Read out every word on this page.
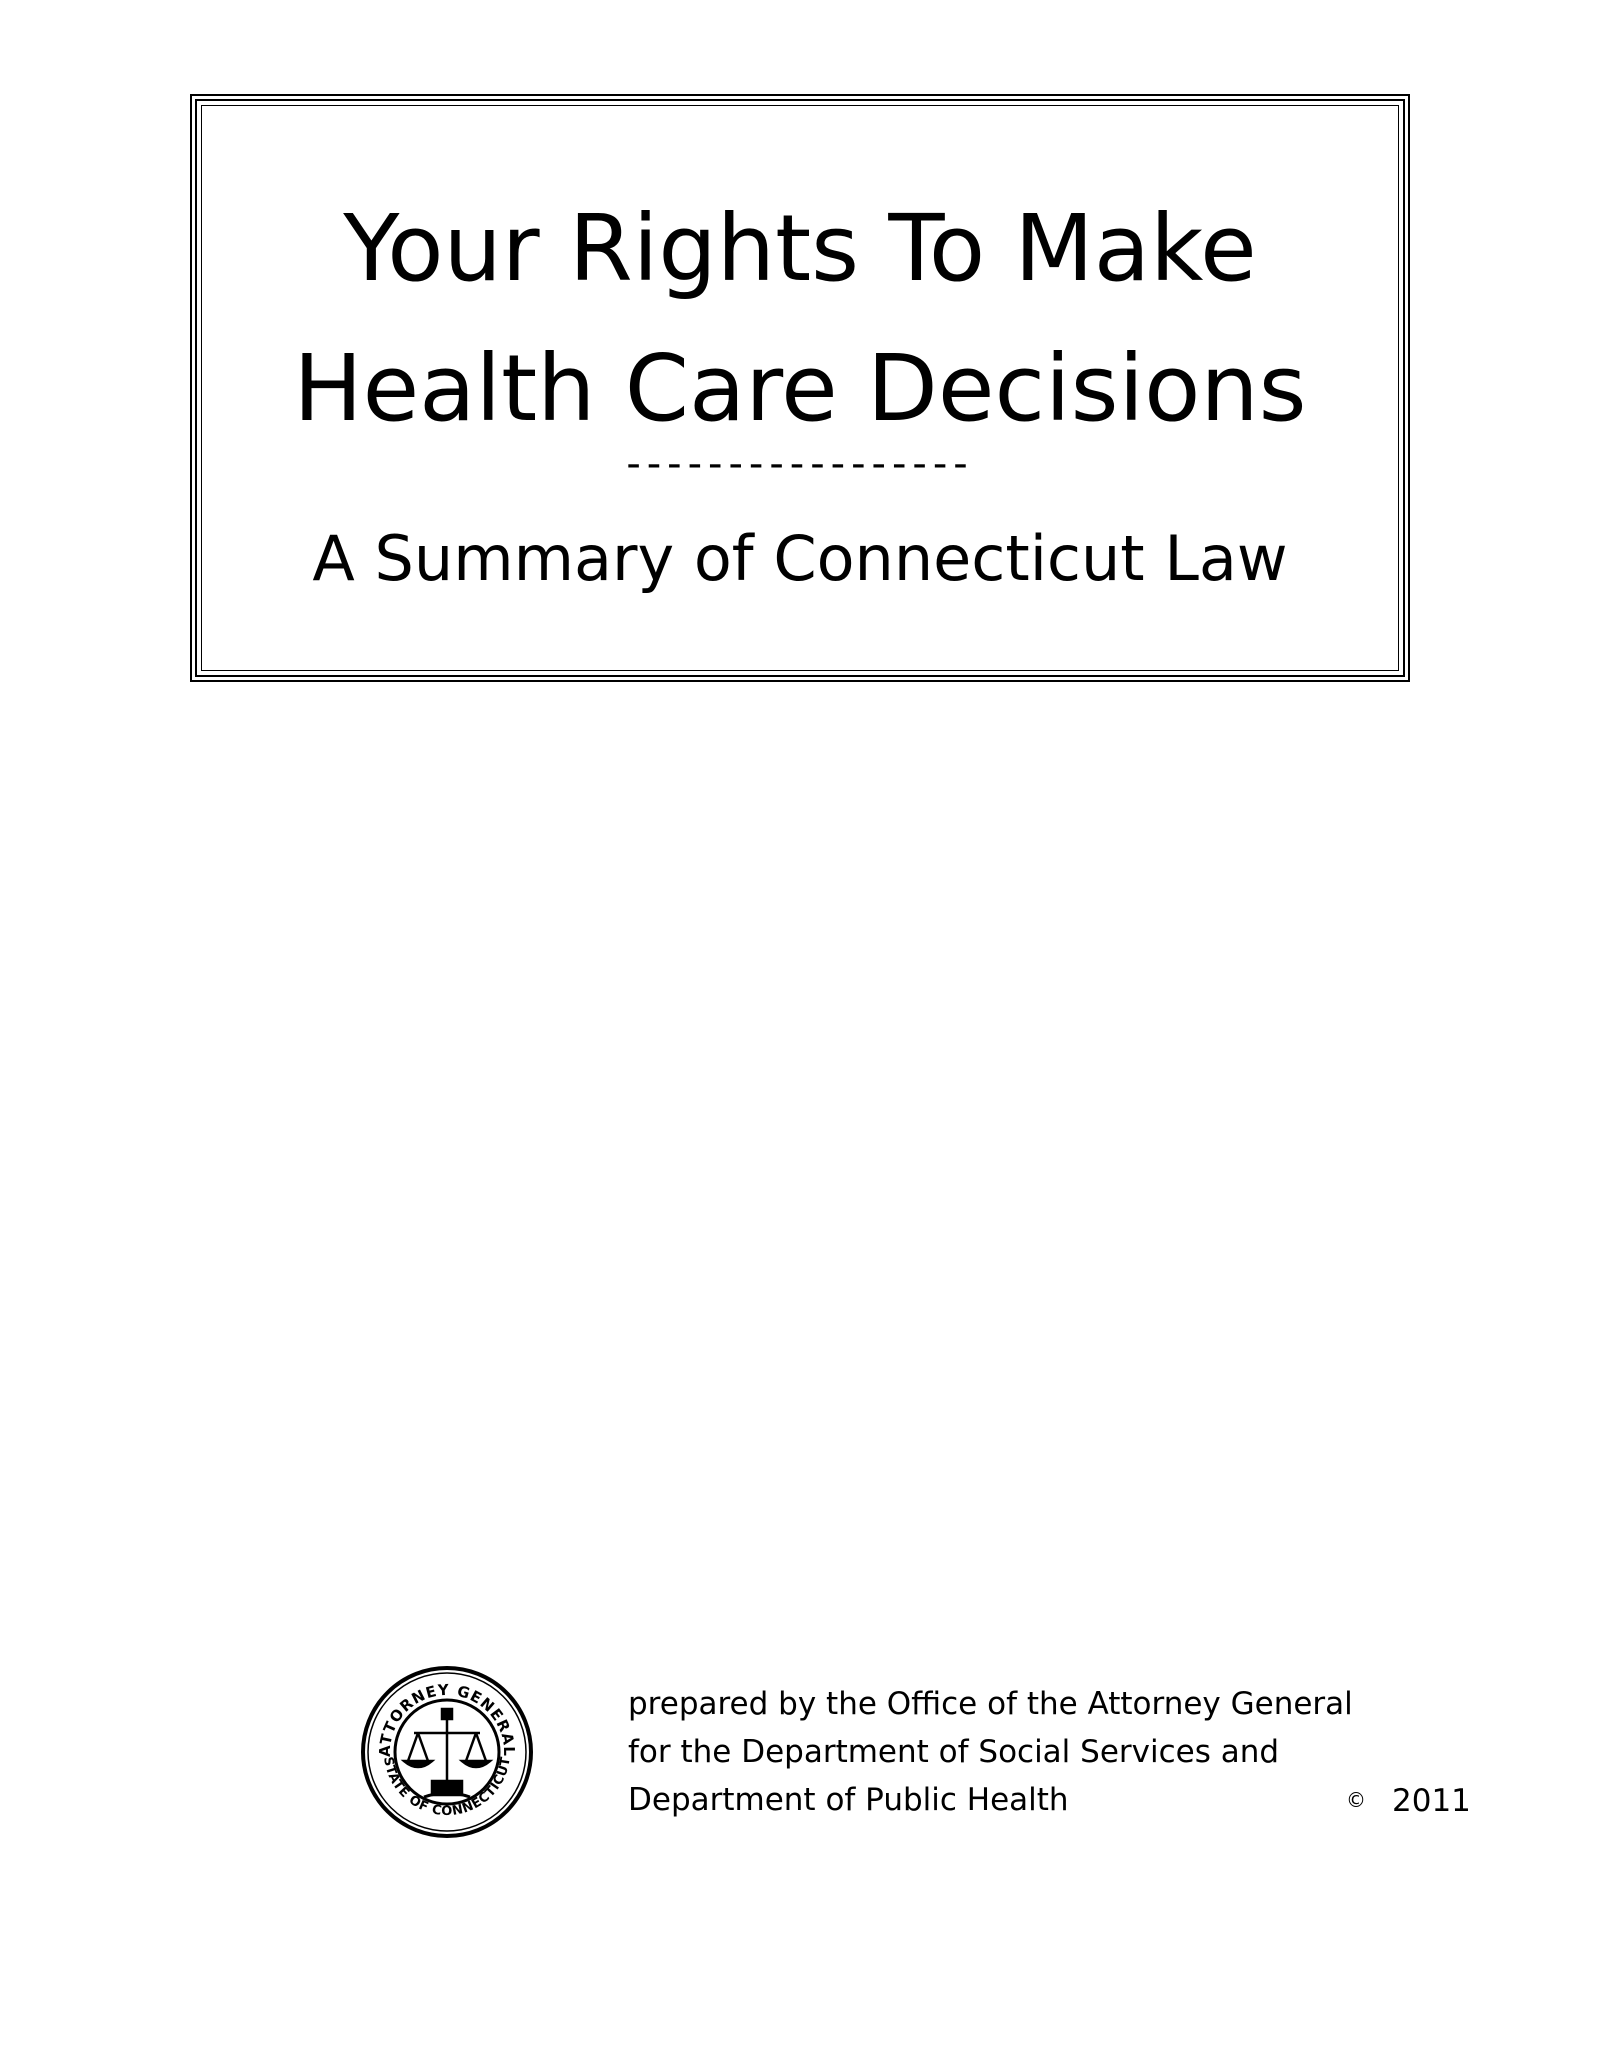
Your Rights To Make
Health Care Decisions
-----------------
A Summary of Connecticut Law
ATTORNEY GENERAL
STATE OF CONNECTICUT
prepared by the Office of the Attorney General
for the Department of Social Services and
Department of Public Health	© 2011
